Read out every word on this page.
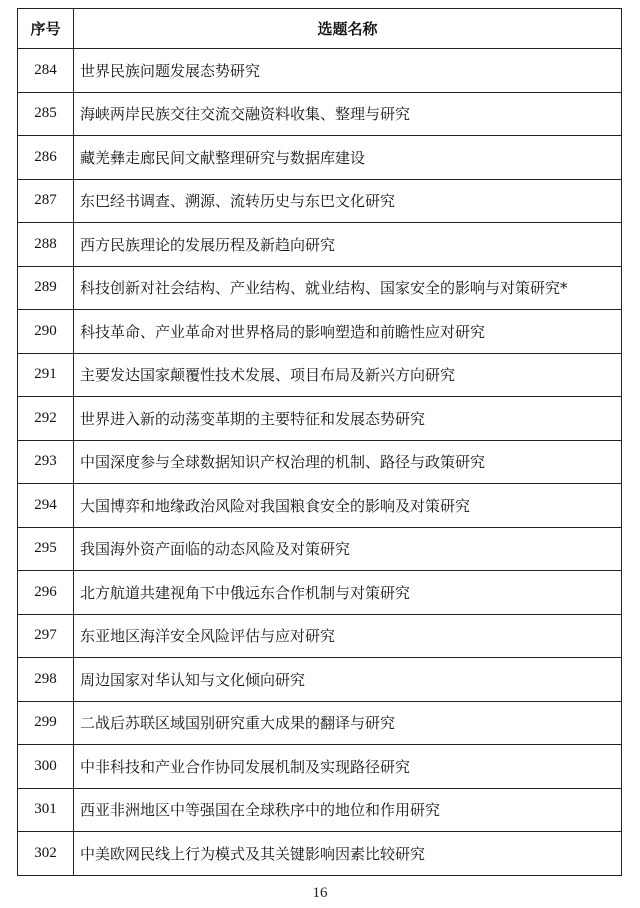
序号	选题名称
284	世界民族问题发展态势研究
285	海峡两岸民族交往交流交融资料收集、整理与研究
286	藏羌彝走廊民间文献整理研究与数据库建设
287	东巴经书调查、溯源、流转历史与东巴文化研究
288	西方民族理论的发展历程及新趋向研究
289	科技创新对社会结构、产业结构、就业结构、国家安全的影响与对策研究*
290	科技革命、产业革命对世界格局的影响塑造和前瞻性应对研究
291	主要发达国家颠覆性技术发展、项目布局及新兴方向研究
292	世界进入新的动荡变革期的主要特征和发展态势研究
293	中国深度参与全球数据知识产权治理的机制、路径与政策研究
294	大国博弈和地缘政治风险对我国粮食安全的影响及对策研究
295	我国海外资产面临的动态风险及对策研究
296	北方航道共建视角下中俄远东合作机制与对策研究
297	东亚地区海洋安全风险评估与应对研究
298	周边国家对华认知与文化倾向研究
299	二战后苏联区域国别研究重大成果的翻译与研究
300	中非科技和产业合作协同发展机制及实现路径研究
301	西亚非洲地区中等强国在全球秩序中的地位和作用研究
302	中美欧网民线上行为模式及其关键影响因素比较研究
16
